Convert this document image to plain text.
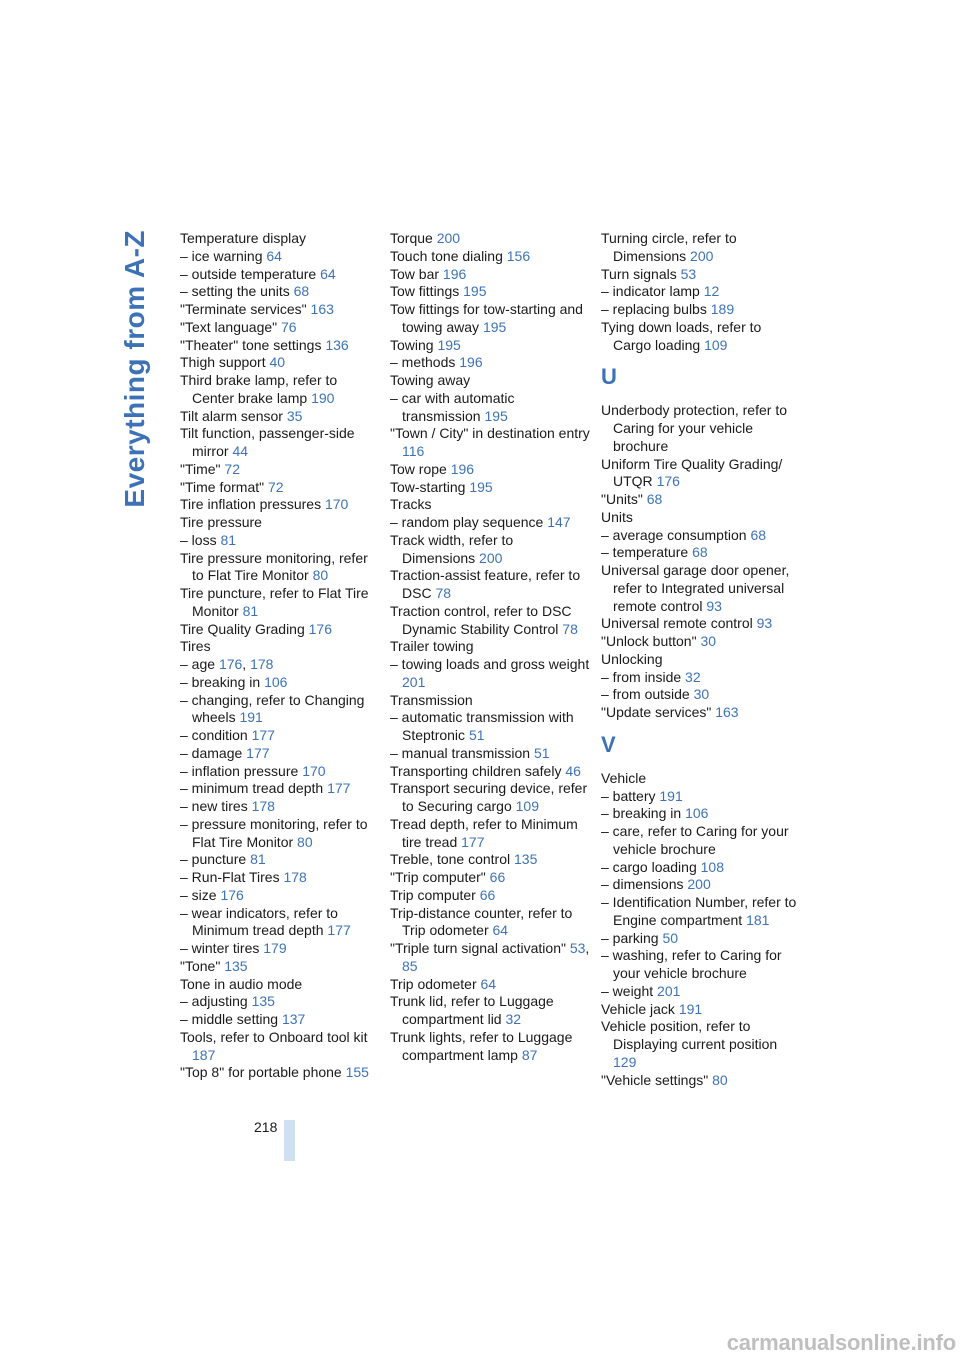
Everything from A-Z Temperature display
– ice warning 64
– outside temperature 64
– setting the units 68
"Terminate services" 163
"Text language" 76
"Theater" tone settings 136
Thigh support 40
Third brake lamp, refer to Center brake lamp 190
Tilt alarm sensor 35
Tilt function, passenger-side mirror 44
"Time" 72
"Time format" 72
Tire inflation pressures 170
Tire pressure
– loss 81
Tire pressure monitoring, refer to Flat Tire Monitor 80
Tire puncture, refer to Flat Tire Monitor 81
Tire Quality Grading 176
Tires
– age 176, 178
– breaking in 106
– changing, refer to Changing wheels 191
– condition 177
– damage 177
– inflation pressure 170
– minimum tread depth 177
– new tires 178
– pressure monitoring, refer to Flat Tire Monitor 80
– puncture 81
– Run-Flat Tires 178
– size 176
– wear indicators, refer to Minimum tread depth 177
– winter tires 179
"Tone" 135
Tone in audio mode
– adjusting 135
– middle setting 137
Tools, refer to Onboard tool kit 187
"Top 8" for portable phone 155
Torque 200
Touch tone dialing 156
Tow bar 196
Tow fittings 195
Tow fittings for tow-starting and towing away 195
Towing 195
– methods 196
Towing away
– car with automatic transmission 195
"Town / City" in destination entry 116
Tow rope 196
Tow-starting 195
Tracks
– random play sequence 147
Track width, refer to Dimensions 200
Traction-assist feature, refer to DSC 78
Traction control, refer to DSC Dynamic Stability Control 78
Trailer towing
– towing loads and gross weight 201
Transmission
– automatic transmission with Steptronic 51
– manual transmission 51
Transporting children safely 46
Transport securing device, refer to Securing cargo 109
Tread depth, refer to Minimum tire tread 177
Treble, tone control 135
"Trip computer" 66
Trip computer 66
Trip-distance counter, refer to Trip odometer 64
"Triple turn signal activation" 53, 85
Trip odometer 64
Trunk lid, refer to Luggage compartment lid 32
Trunk lights, refer to Luggage compartment lamp 87
Turning circle, refer to Dimensions 200
Turn signals 53
– indicator lamp 12
– replacing bulbs 189
Tying down loads, refer to Cargo loading 109
U
Underbody protection, refer to Caring for your vehicle brochure
Uniform Tire Quality Grading/ UTQR 176
"Units" 68
Units
– average consumption 68
– temperature 68
Universal garage door opener, refer to Integrated universal remote control 93
Universal remote control 93
"Unlock button" 30
Unlocking
– from inside 32
– from outside 30
"Update services" 163
V
Vehicle
– battery 191
– breaking in 106
– care, refer to Caring for your vehicle brochure
– cargo loading 108
– dimensions 200
– Identification Number, refer to Engine compartment 181
– parking 50
– washing, refer to Caring for your vehicle brochure
– weight 201
Vehicle jack 191
Vehicle position, refer to Displaying current position 129
"Vehicle settings" 80
218
carmanualsonline.info
